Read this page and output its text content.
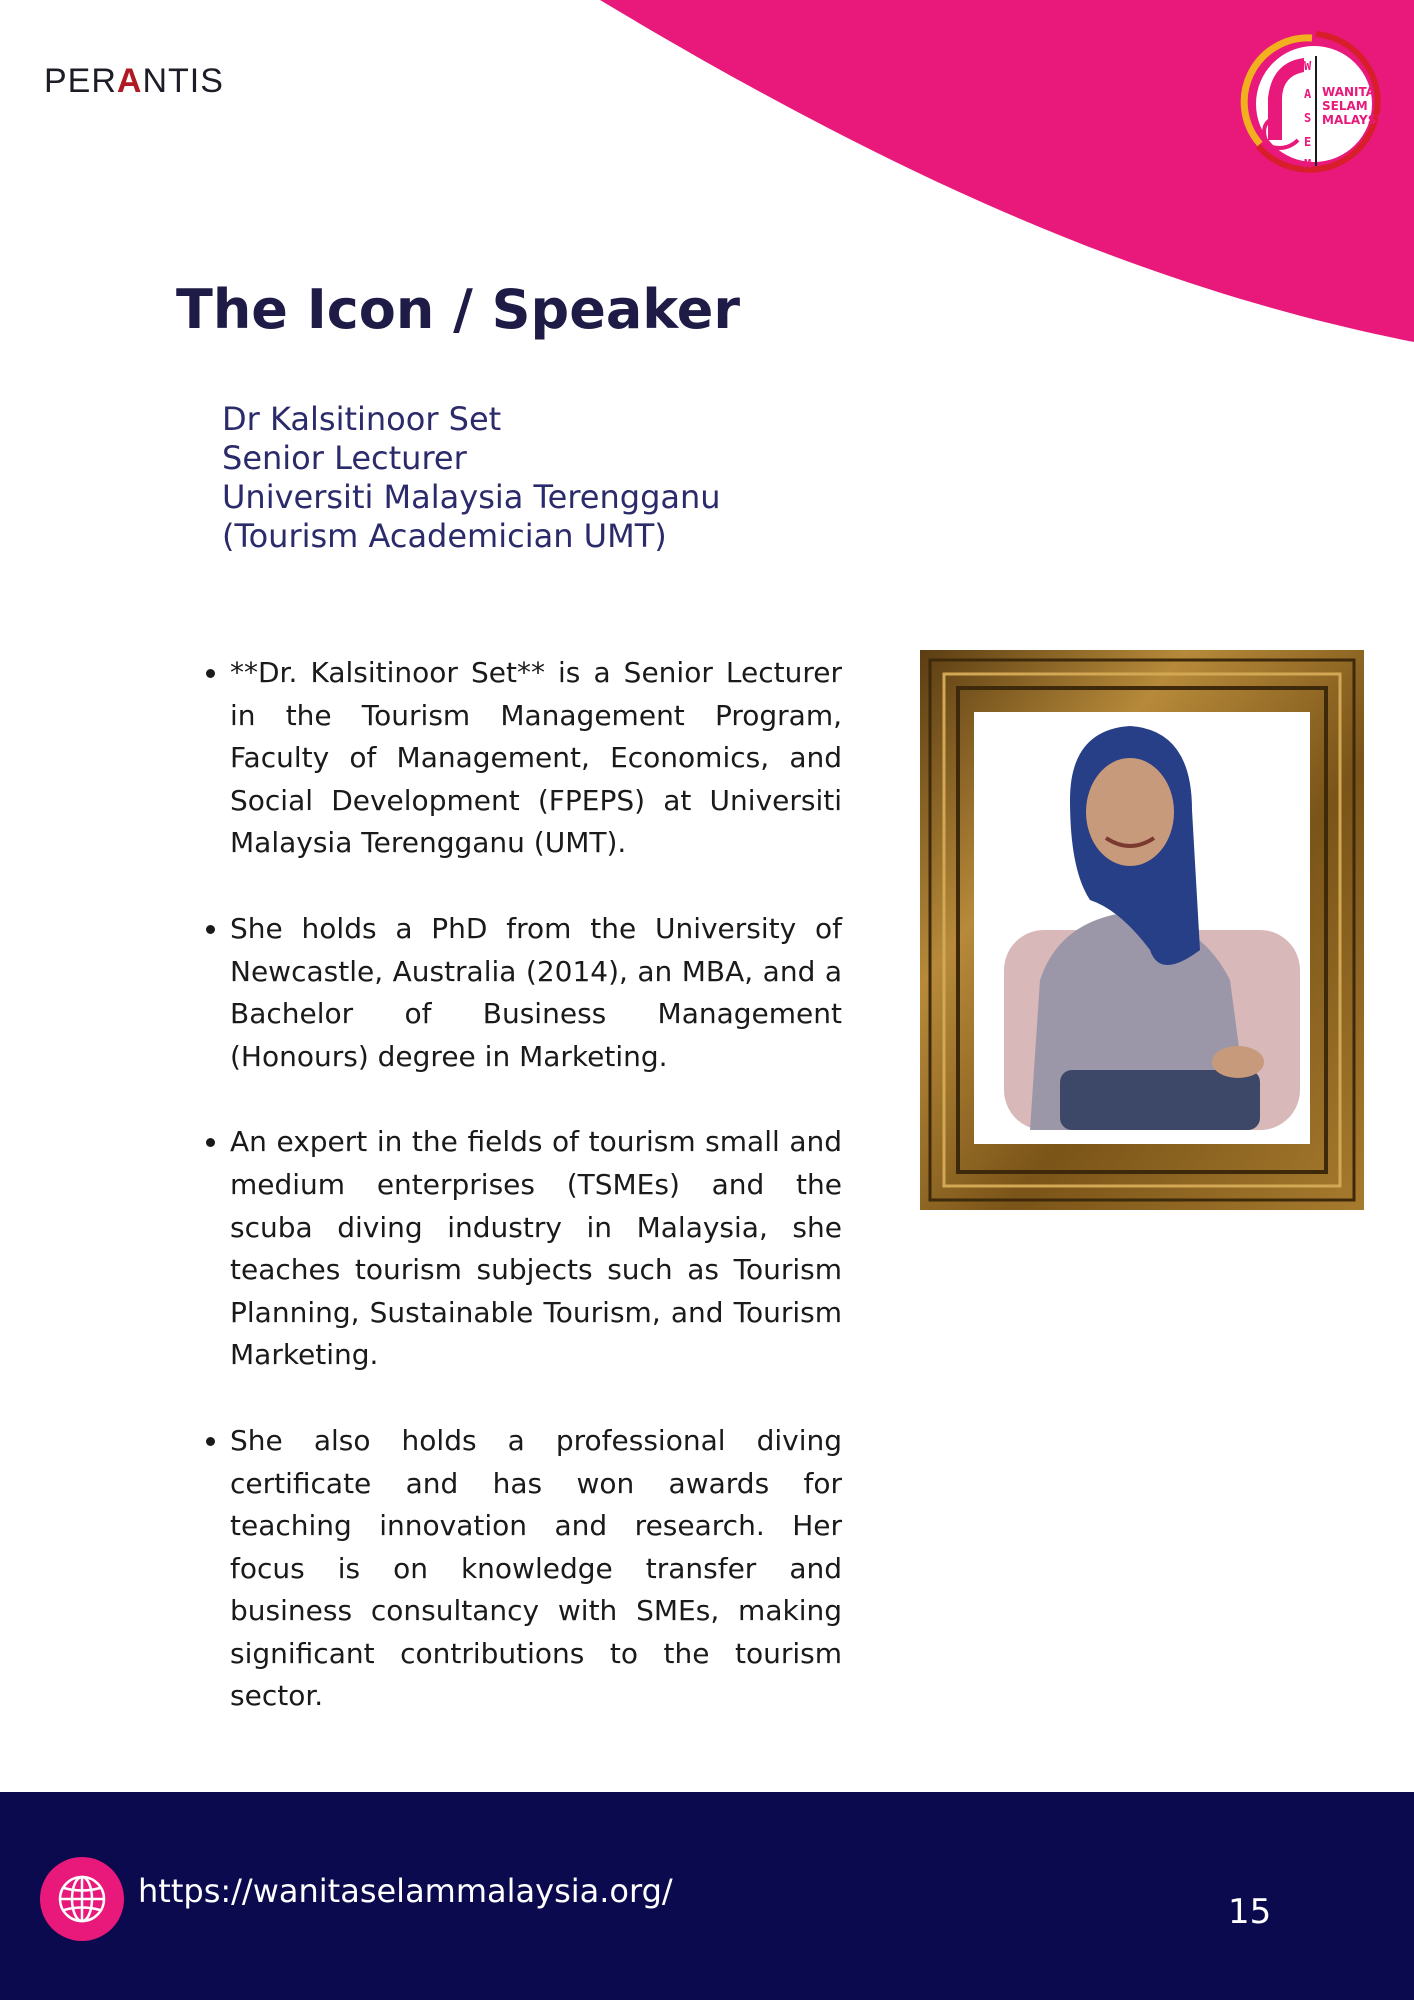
PERANTIS	W
A
S
E
M
WANITA
SELAM
MALAYSIA
The Icon / Speaker
Dr Kalsitinoor Set
Senior Lecturer
Universiti Malaysia Terengganu
(Tourism Academician UMT)
• **Dr. Kalsitinoor Set** is a Senior Lecturer in the Tourism Management Program, Faculty of Management, Economics, and Social Development (FPEPS) at Universiti Malaysia Terengganu (UMT).
• She holds a PhD from the University of Newcastle, Australia (2014), an MBA, and a Bachelor of Business Management (Honours) degree in Marketing.
• An expert in the fields of tourism small and medium enterprises (TSMEs) and the scuba diving industry in Malaysia, she teaches tourism subjects such as Tourism Planning, Sustainable Tourism, and Tourism Marketing.
• She also holds a professional diving certificate and has won awards for teaching innovation and research. Her focus is on knowledge transfer and business consultancy with SMEs, making significant contributions to the tourism sector.
https://wanitaselammalaysia.org/
15
